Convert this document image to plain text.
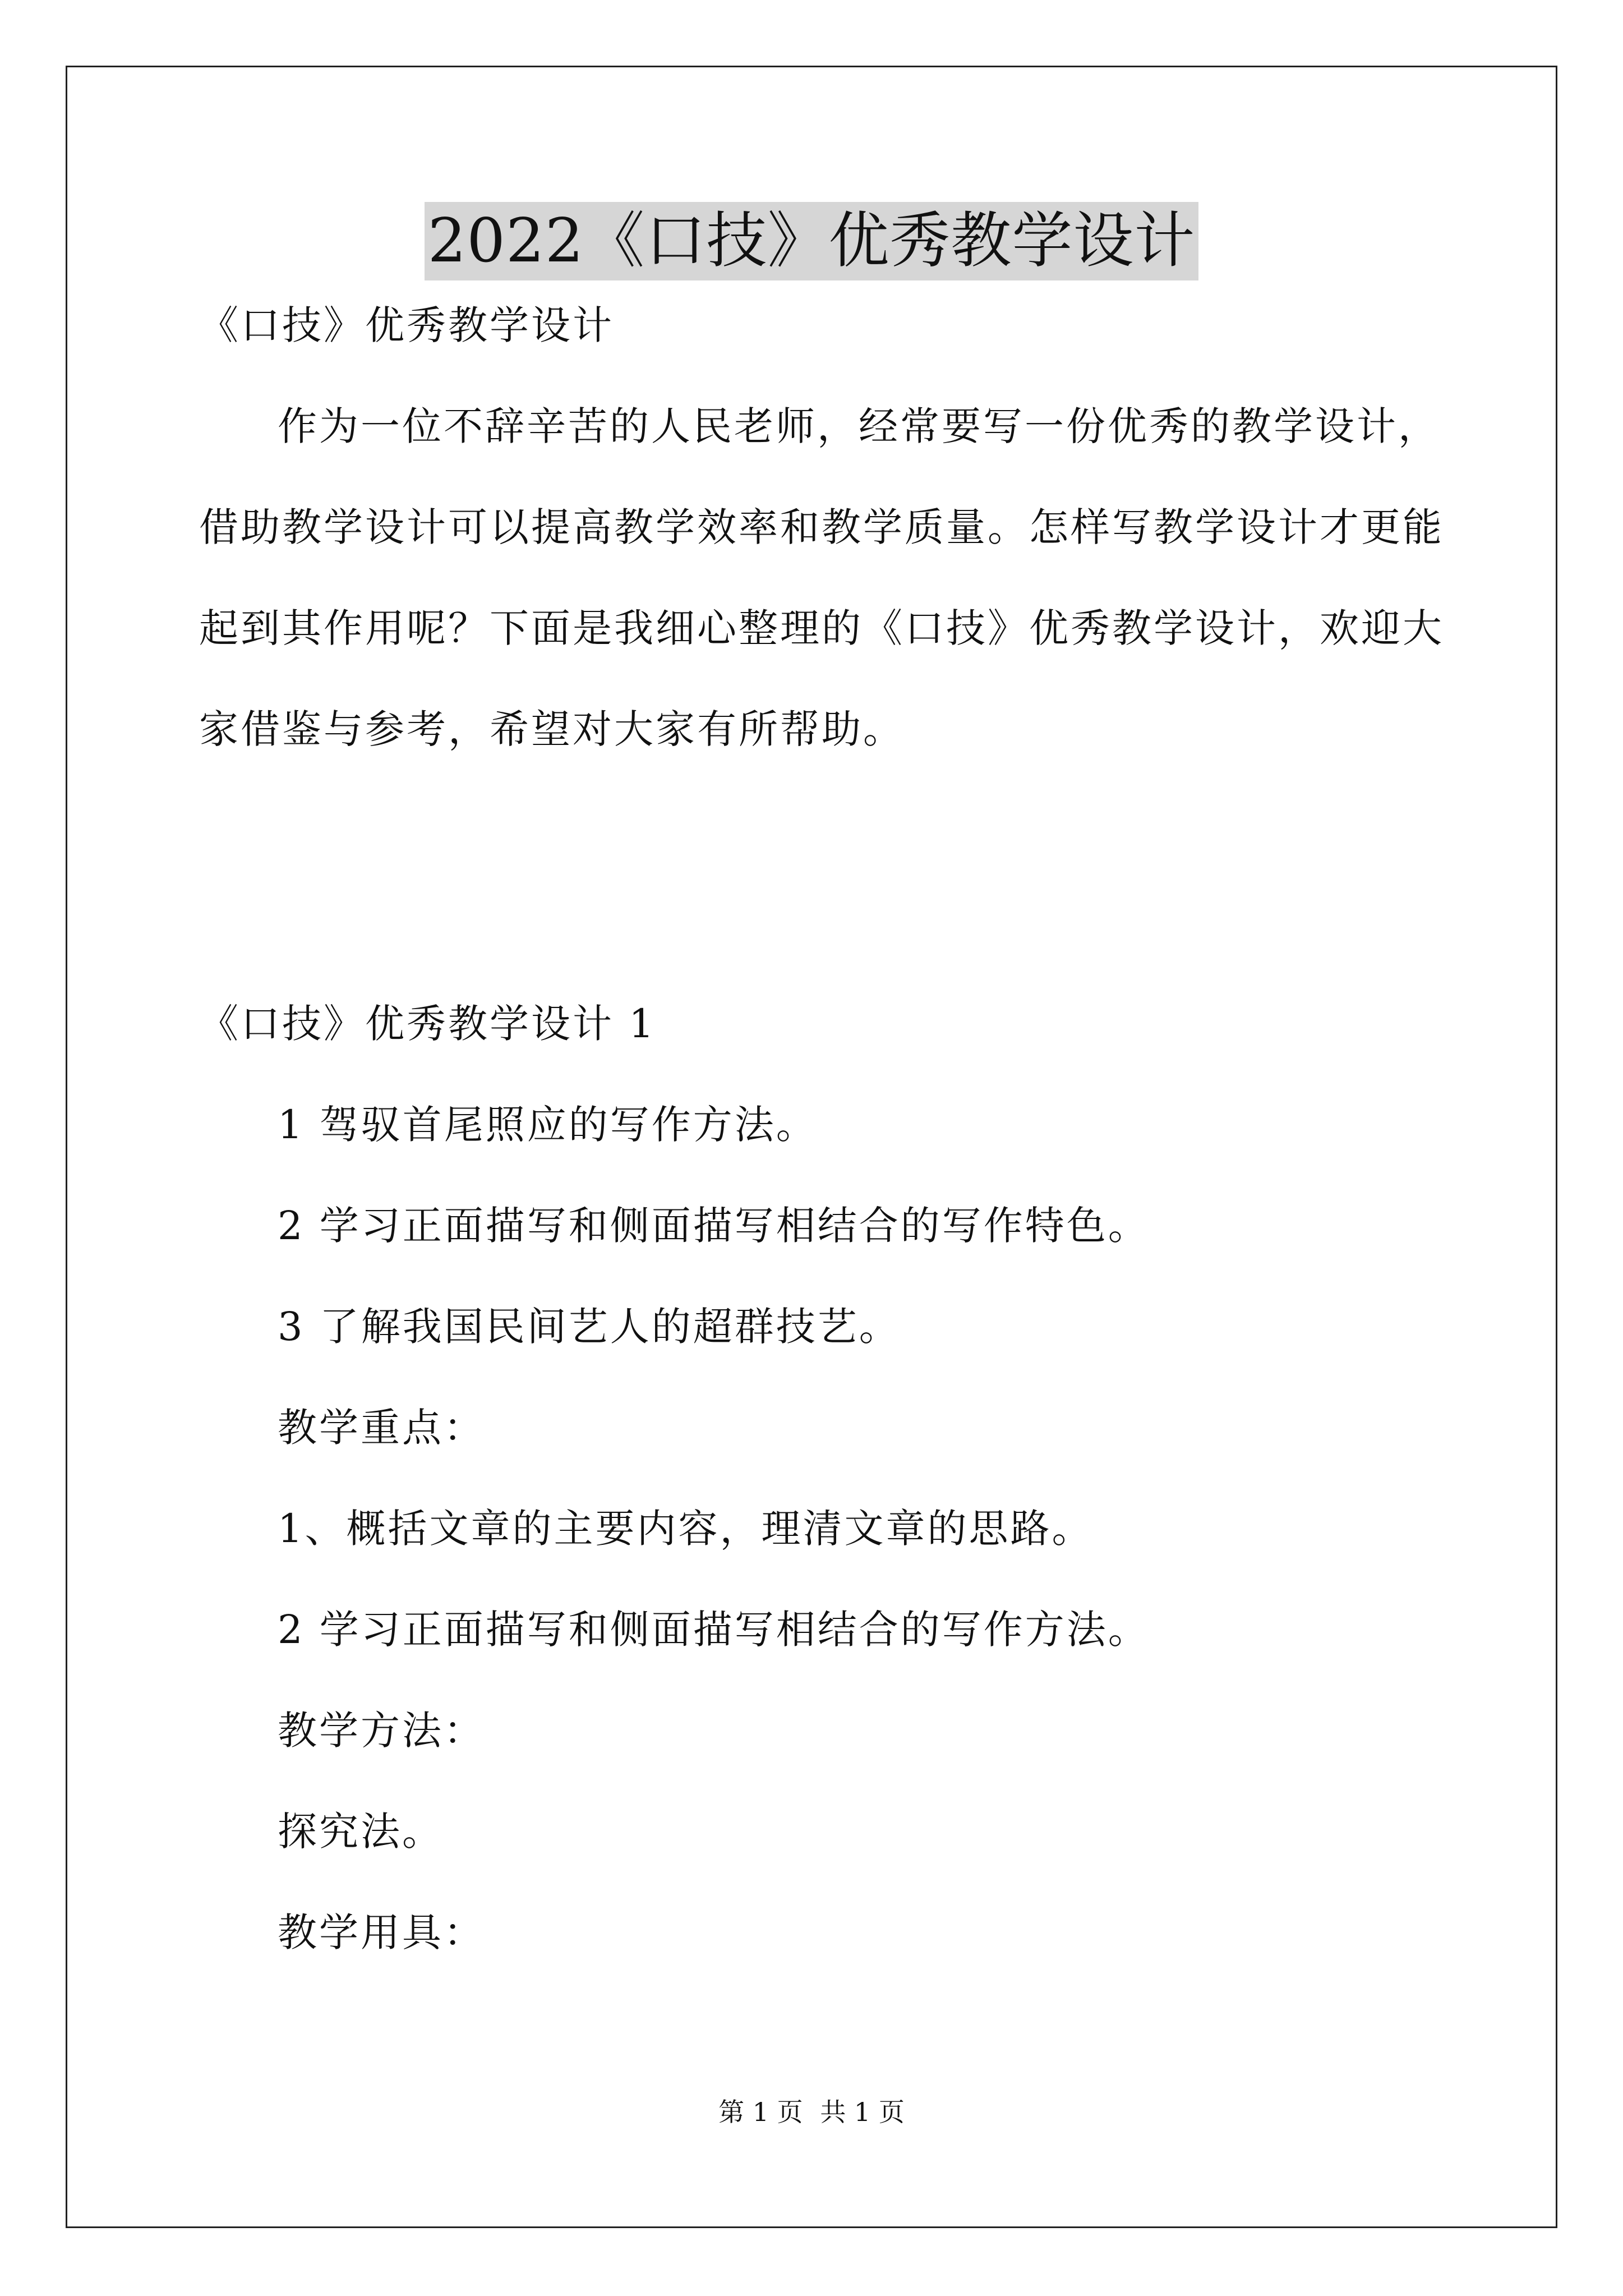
2022《口技》优秀教学设计
《口技》优秀教学设计
作为一位不辞辛苦的人民老师，经常要写一份优秀的教学设计，
借助教学设计可以提高教学效率和教学质量。怎样写教学设计才更能
起到其作用呢？下面是我细心整理的《口技》优秀教学设计，欢迎大
家借鉴与参考，希望对大家有所帮助。
《口技》优秀教学设计 1
1 驾驭首尾照应的写作方法。
2 学习正面描写和侧面描写相结合的写作特色。
3 了解我国民间艺人的超群技艺。
教学重点：
1、概括文章的主要内容，理清文章的思路。
2 学习正面描写和侧面描写相结合的写作方法。
教学方法：
探究法。
教学用具：
第 1 页 共 1 页
